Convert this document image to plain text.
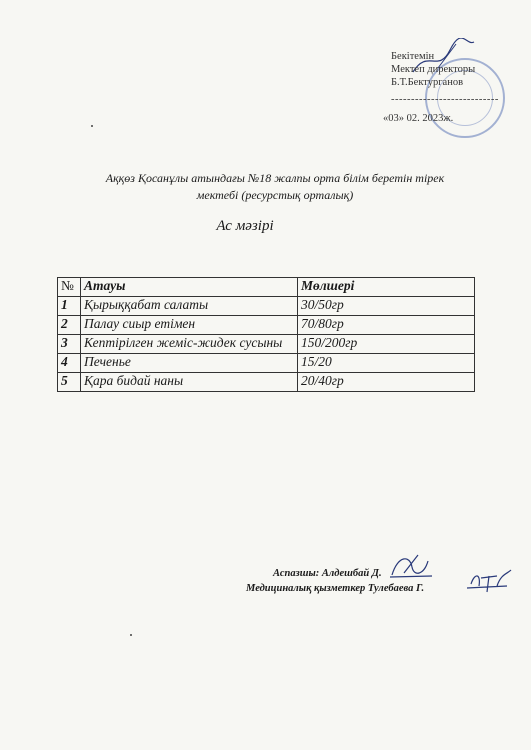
Бекітемін
Мектеп директоры
Б.Т.Бектурганов
---------------------------
«03» 02. 2023ж.
Аққөз Қосанұлы атындағы №18 жалпы орта білім беретін тірек
мектебі (ресурстық орталық)
Ас мәзірі
№	Атауы	Мөлшері
1	Қырыққабат салаты	30/50гр
2	Палау сиыр етімен	70/80гр
3	Кептірілген жеміс-жидек сусыны	150/200гр
4	Печенье	15/20
5	Қара бидай наны	20/40гр
Аспазшы: Алдешбай Д.
Медициналық қызметкер Тулебаева Г.
